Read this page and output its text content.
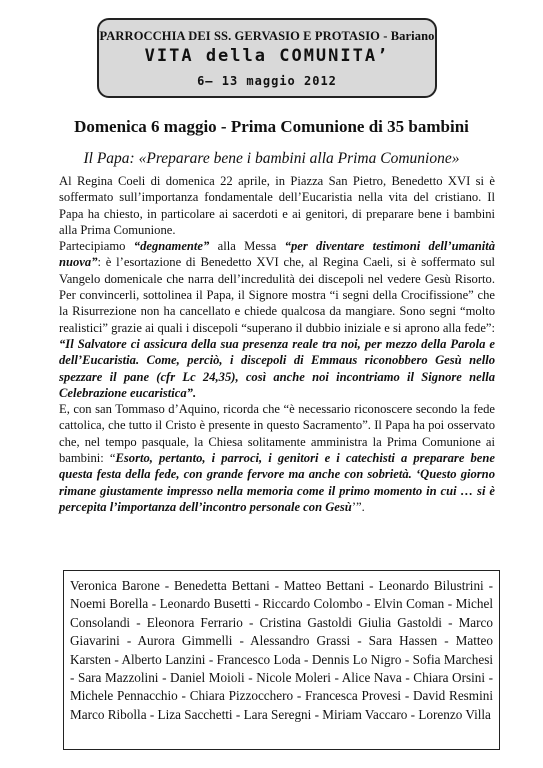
PARROCCHIA DEI SS. GERVASIO E PROTASIO - Bariano
VITA della COMUNITA’
6– 13 maggio 2012
Domenica 6 maggio - Prima Comunione di 35 bambini
Il Papa: «Preparare bene i bambini alla Prima Comunione»

Al Regina Coeli di domenica 22 aprile, in Piazza San Pietro, Benedetto XVI si è soffermato sull’importanza fondamentale dell’Eucaristia nella vita del cristiano. Il Papa ha chiesto, in particolare ai sacerdoti e ai genitori, di preparare bene i bambini alla Prima Comunione.

Partecipiamo “degnamente” alla Messa “per diventare testimoni dell’umanità nuova”: è l’esortazione di Benedetto XVI che, al Regina Caeli, si è soffermato sul Vangelo domenicale che narra dell’incredulità dei discepoli nel vedere Gesù Risorto. Per convincerli, sottolinea il Papa, il Signore mostra “i segni della Crocifissione” che la Risurrezione non ha cancellato e chiede qualcosa da mangiare. Sono segni “molto realistici” grazie ai quali i discepoli “superano il dubbio iniziale e si aprono alla fede”: “Il Salvatore ci assicura della sua presenza reale tra noi, per mezzo della Parola e dell’Eucaristia. Come, perciò, i discepoli di Emmaus riconobbero Gesù nello spezzare il pane (cfr Lc 24,35), così anche noi incontriamo il Signore nella Celebrazione eucaristica”.

E, con san Tommaso d’Aquino, ricorda che “è necessario riconoscere secondo la fede cattolica, che tutto il Cristo è presente in questo Sacramento”. Il Papa ha poi osservato che, nel tempo pasquale, la Chiesa solitamente amministra la Prima Comunione ai bambini: “Esorto, pertanto, i parroci, i genitori e i catechisti a preparare bene questa festa della fede, con grande fervore ma anche con sobrietà. ‘Questo giorno rimane giustamente impresso nella memoria come il primo momento in cui … si è percepita l’importanza dell’incontro personale con Gesù’”.

Veronica Barone - Benedetta Bettani - Matteo Bettani - Leonardo Bilustrini - Noemi Borella - Leonardo Busetti - Riccardo Colombo - Elvin Coman - Michel Consolandi - Eleonora Ferrario - Cristina Gastoldi Giulia Gastoldi - Marco Giavarini - Aurora Gimmelli - Alessandro Grassi - Sara Hassen - Matteo Karsten - Alberto Lanzini - Francesco Loda - Dennis Lo Nigro - Sofia Marchesi - Sara Mazzolini - Daniel Moioli - Nicole Moleri - Alice Nava - Chiara Orsini - Michele Pennacchio - Chiara Pizzocchero - Francesca Provesi - David Resmini Marco Ribolla - Liza Sacchetti - Lara Seregni - Miriam Vaccaro - Lorenzo Villa
